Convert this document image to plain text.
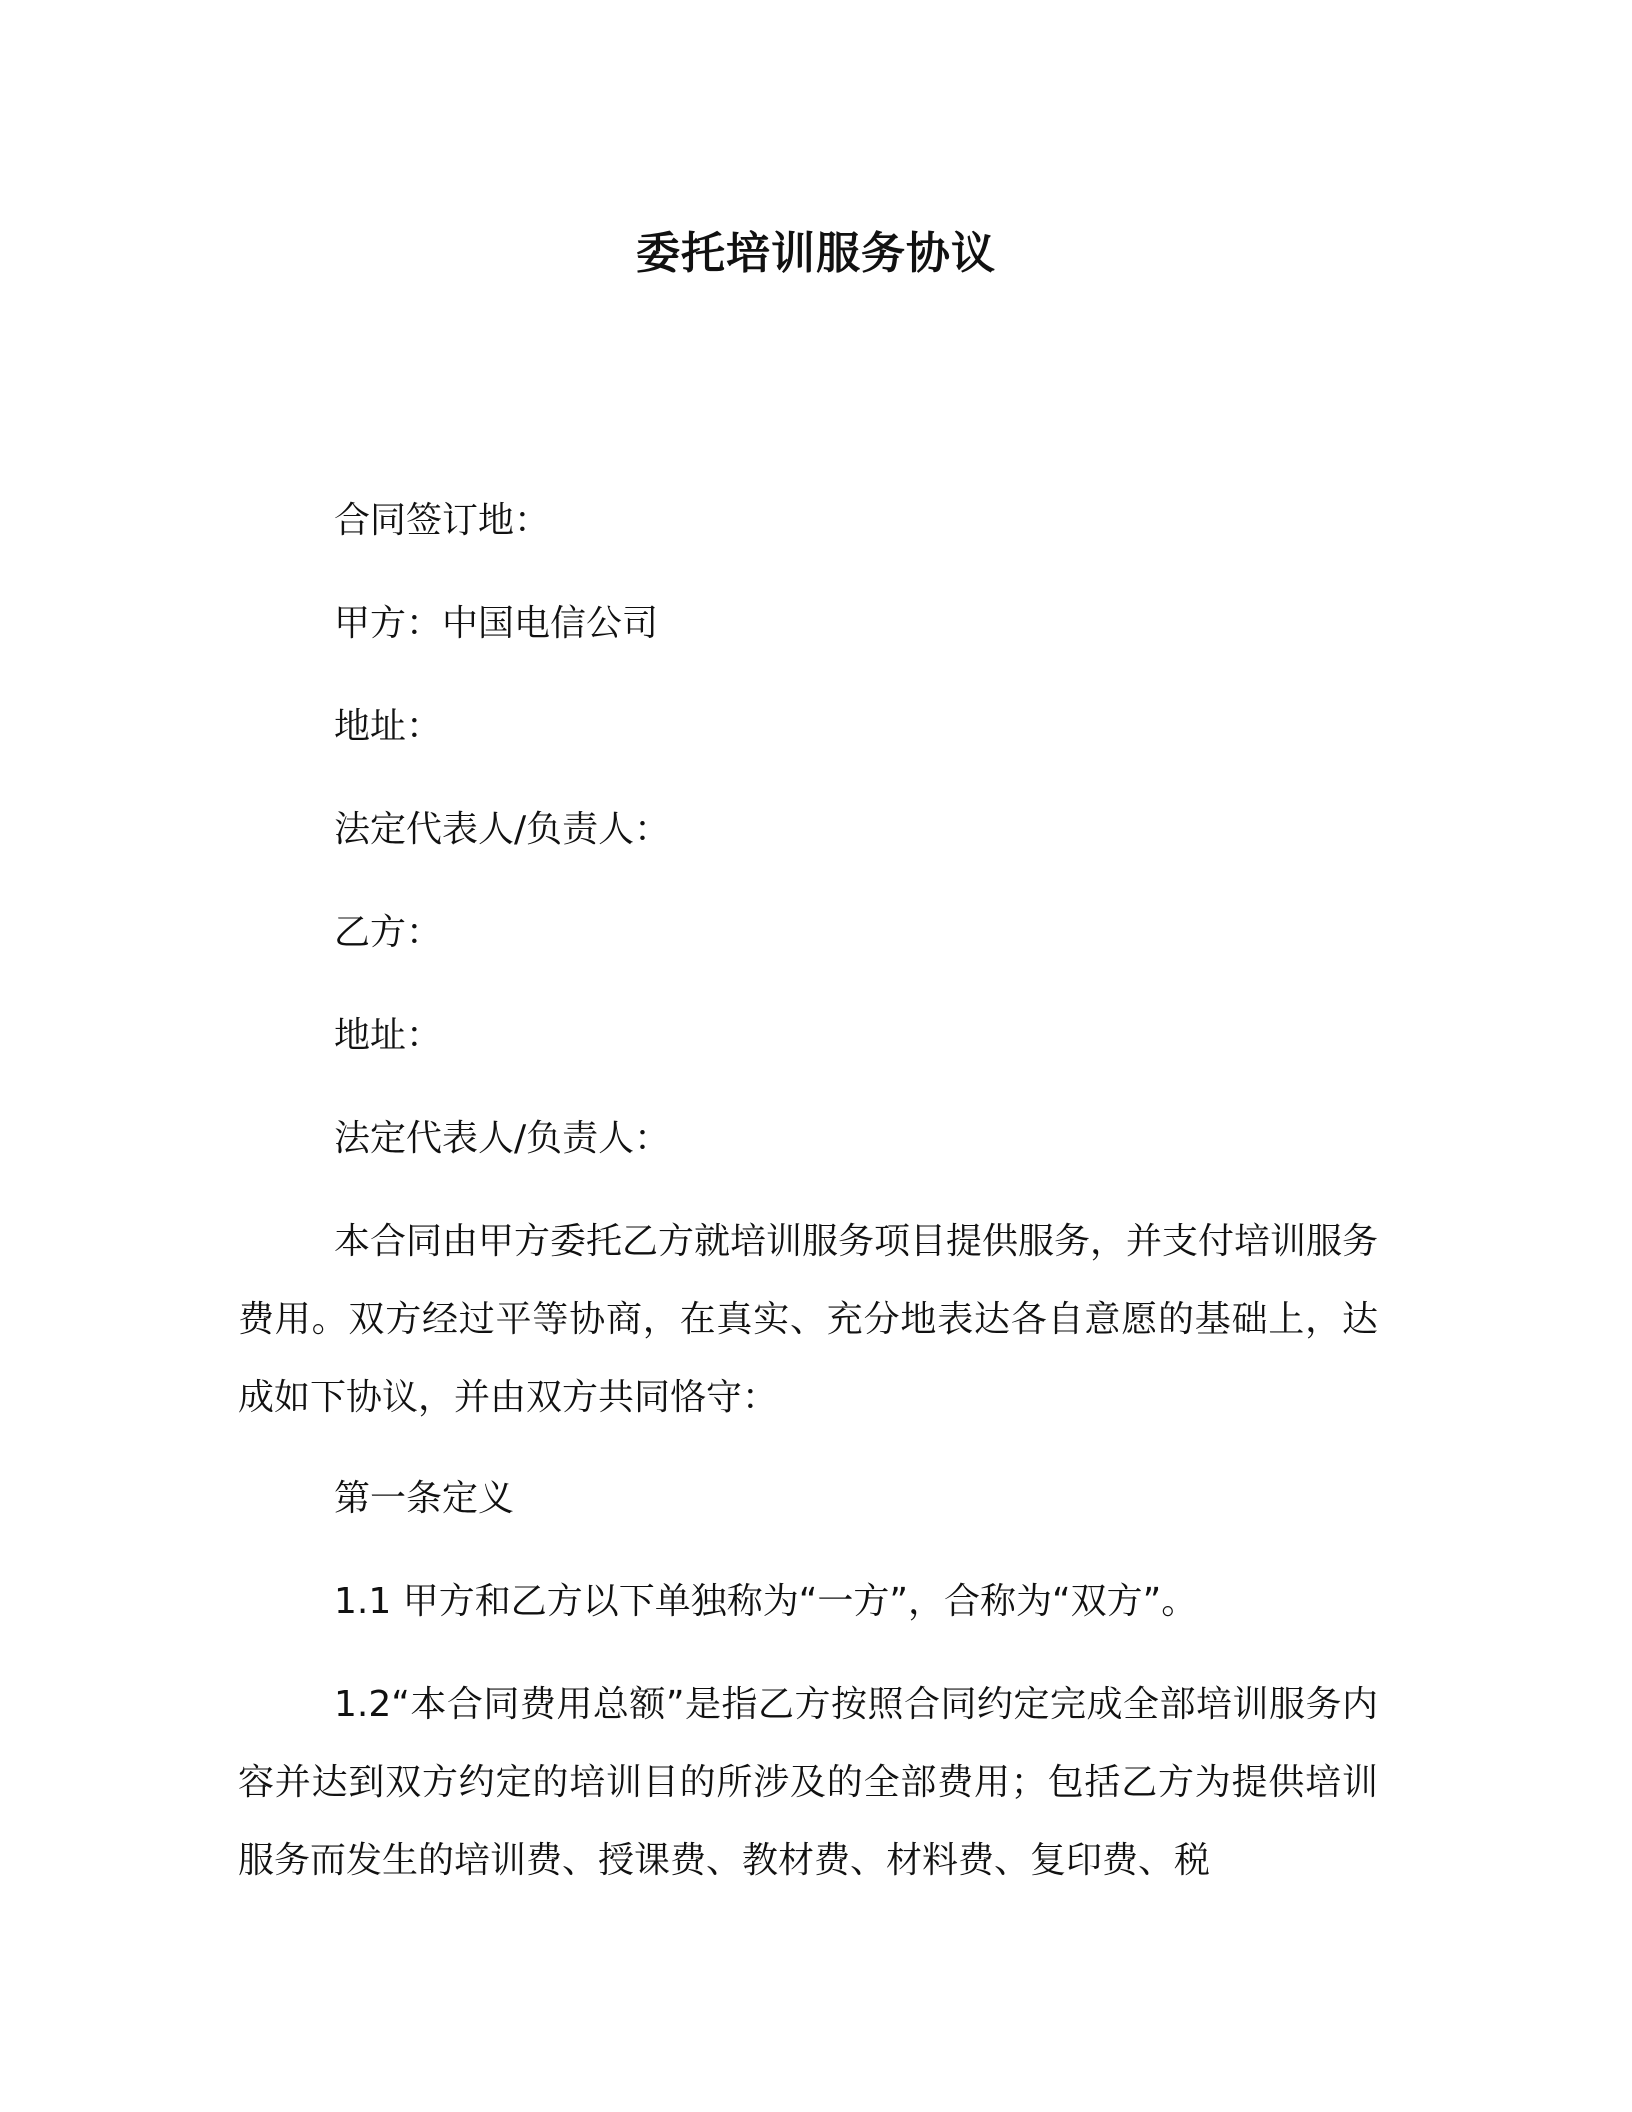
委托培训服务协议
合同签订地：
甲方：中国电信公司
地址：
法定代表人/负责人：
乙方：
地址：
法定代表人/负责人：
本合同由甲方委托乙方就培训服务项目提供服务，并支付培训服务费用。双方经过平等协商，在真实、充分地表达各自意愿的基础上，达成如下协议，并由双方共同恪守：
第一条定义
1.1 甲方和乙方以下单独称为“一方”，合称为“双方”。
1.2“本合同费用总额”是指乙方按照合同约定完成全部培训服务内容并达到双方约定的培训目的所涉及的全部费用；包括乙方为提供培训服务而发生的培训费、授课费、教材费、材料费、复印费、税
